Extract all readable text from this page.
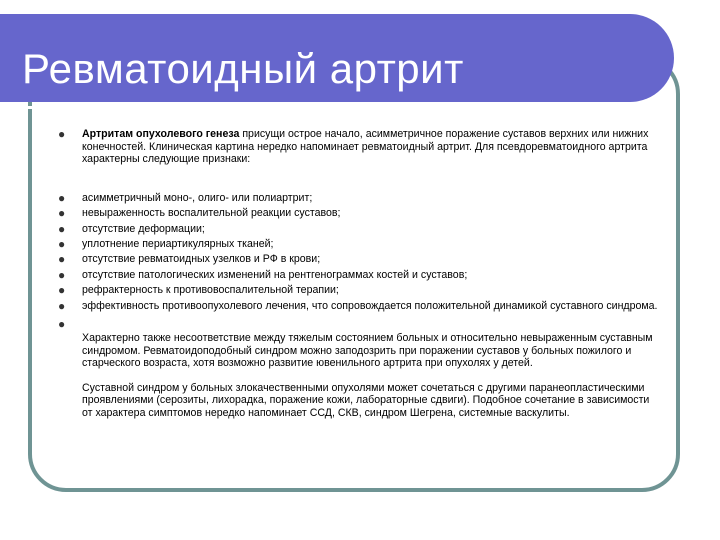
Ревматоидный артрит
●
Артритам опухолевого генеза присущи острое начало, асимметричное поражение суставов верхних или нижних конечностей. Клиническая картина нередко напоминает ревматоидный артрит. Для псевдоревматоидного артрита характерны следующие признаки:
●
асимметричный моно-, олиго- или полиартрит;
●
невыраженность воспалительной реакции суставов;
●
отсутствие деформации;
●
уплотнение периартикулярных тканей;
●
отсутствие ревматоидных узелков и РФ в крови;
●
отсутствие патологических изменений на рентгенограммах костей и суставов;
●
рефрактерность к противовоспалительной терапии;
●
эффективность противоопухолевого лечения, что сопровождается положительной динамикой суставного синдрома.
●
Характерно также несоответствие между тяжелым состоянием больных и относительно невыраженным суставным синдромом. Ревматоидоподобный синдром можно заподозрить при поражении суставов у больных пожилого и старческого возраста, хотя возможно развитие ювенильного артрита при опухолях у детей.
Суставной синдром у больных злокачественными опухолями может сочетаться с другими паранеопластическими проявлениями (серозиты, лихорадка, поражение кожи, лабораторные сдвиги). Подобное сочетание в зависимости от характера симптомов нередко напоминает ССД, СКВ, синдром Шегрена, системные васкулиты.
